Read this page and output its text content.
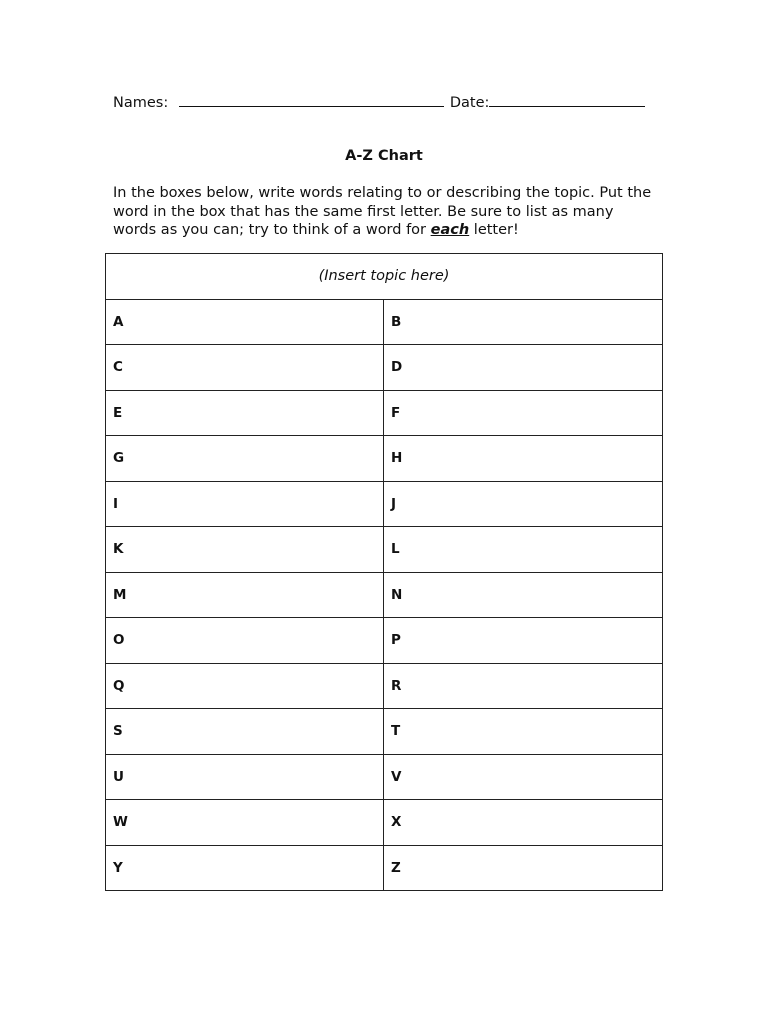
Names:	Date:
A-Z Chart
In the boxes below, write words relating to or describing the topic. Put the word in the box that has the same first letter. Be sure to list as many words as you can; try to think of a word for each letter!
(Insert topic here)	
A	B
C	D
E	F
G	H
I	J
K	L
M	N
O	P
Q	R
S	T
U	V
W	X
Y	Z
